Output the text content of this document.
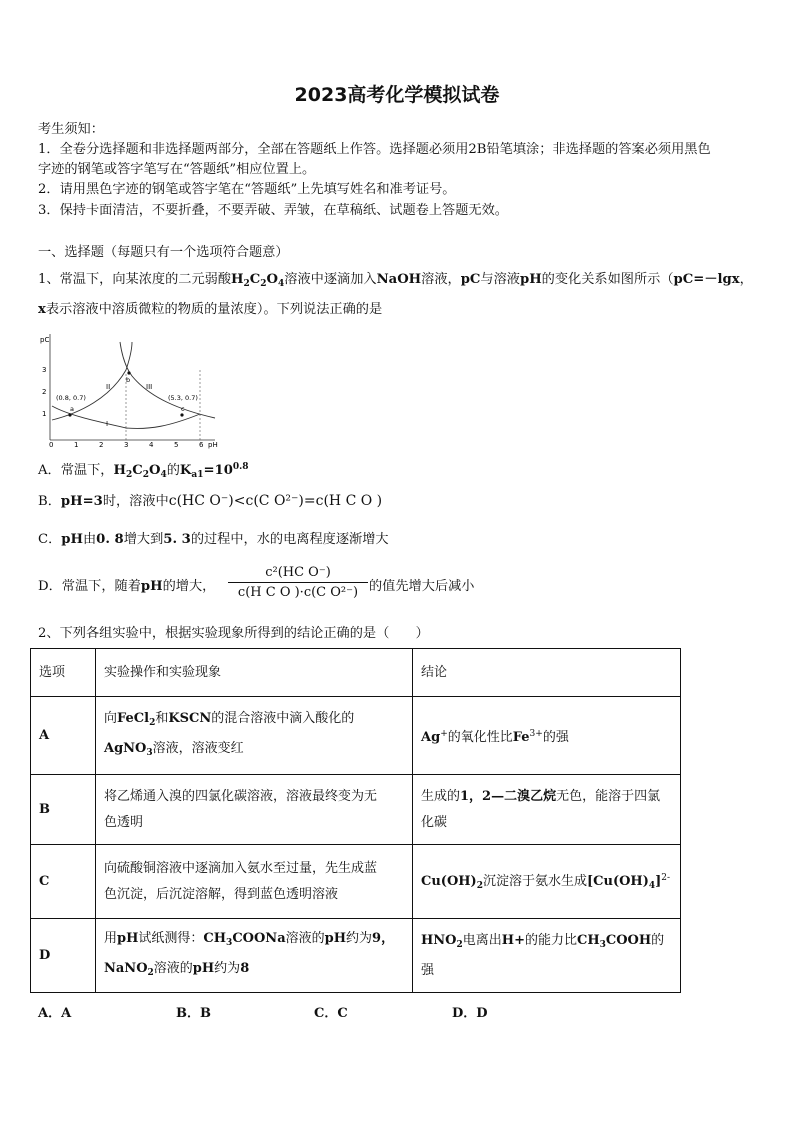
2023高考化学模拟试卷
考生须知：
1．全卷分选择题和非选择题两部分，全部在答题纸上作答。选择题必须用2B铅笔填涂；非选择题的答案必须用黑色
字迹的钢笔或答字笔写在“答题纸”相应位置上。
2．请用黑色字迹的钢笔或答字笔在“答题纸”上先填写姓名和准考证号。
3．保持卡面清洁，不要折叠，不要弄破、弄皱，在草稿纸、试题卷上答题无效。
一、选择题（每题只有一个选项符合题意）
1、常温下，向某浓度的二元弱酸$H_2C_2O_4$溶液中逐滴加入NaOH溶液，pC与溶液pH的变化关系如图所示（pC=－lgx，
x表示溶液中溶质微粒的物质的量浓度）。下列说法正确的是
pC
pH
1
2
3
0	1	2	3	4	5	6
(0.8, 0.7)	(5.3, 0.7)
a
b
c
I
II	III
A．常温下，$H_2C_2O_4$的$K_{a1}=10^{0.8}$
B．pH=3时，溶液中c(HC O⁻)<c(C O²⁻)=c(H C O )
C．pH由0. 8增大到5. 3的过程中，水的电离程度逐渐增大
D．常温下，随着pH的增大， $\frac{\text{c²(HC O⁻)}}{\text{c(H C O )·c(C O²⁻)}}$ 的值先增大后减小
2、下列各组实验中，根据实验现象所得到的结论正确的是（　　）
选项	实验操作和实验现象	结论
A	向FeCl$_2$和KSCN的混合溶液中滴入酸化的
AgNO$_3$溶液，溶液变红	Ag+的氧化性比$Fe^{3+}$的强
B	将乙烯通入溴的四氯化碳溶液，溶液最终变为无
色透明	生成的1，2—二溴乙烷无色，能溶于四氯
化碳
C	向硫酸铜溶液中逐滴加入氨水至过量，先生成蓝
色沉淀，后沉淀溶解，得到蓝色透明溶液	$Cu(OH)_2$沉淀溶于氨水生成$[Cu(OH)_4]^{2-}$
D	用pH试纸测得：$CH_3COONa$溶液的pH约为9，
NaNO$_2$溶液的pH约为8	$HNO_2$电离出H+的能力比$CH_3COOH$的
强
A．A	B．B	C．C	D．D
